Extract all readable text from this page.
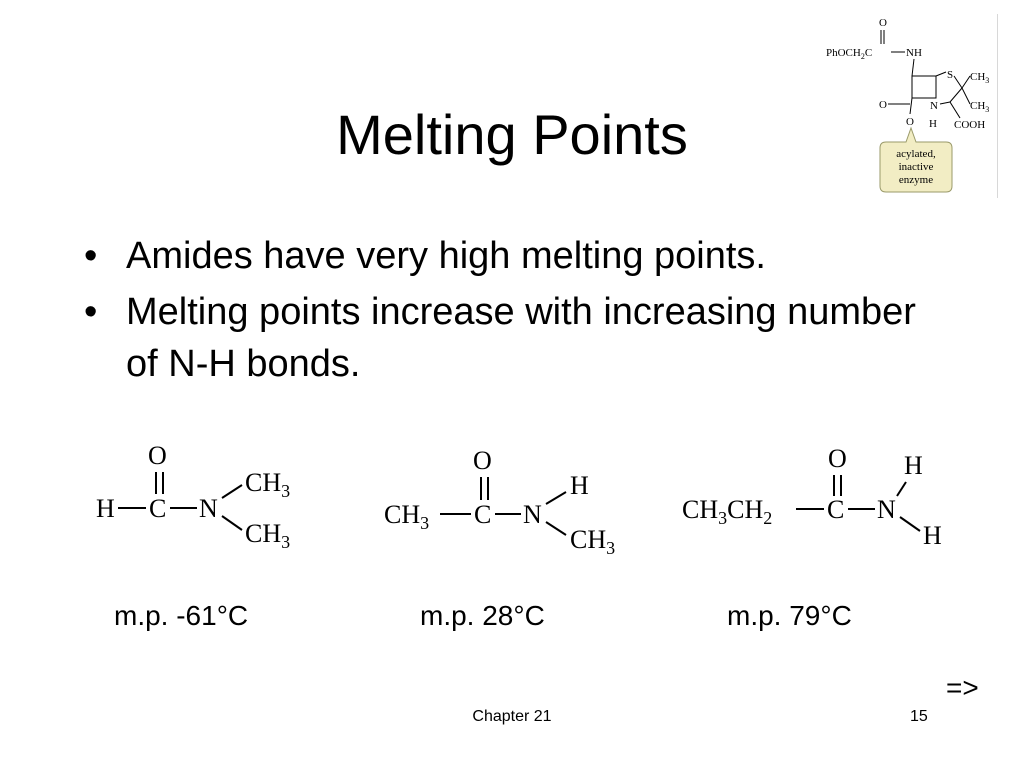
Melting Points
• Amides have very high melting points.
• Melting points increase with increasing number of N-H bonds.
O
H C N
$CH_3$
$CH_3$
O
$CH_3$ C N
H
$CH_3$
O
$CH_3CH_2$ C N
H
H
m.p. -61°C	m.p. 28°C	m.p. 79°C
O
PhOCH$_2$C	NH
S $CH_3$
O	N	$CH_3$
O H COOH
acylated,
inactive
enzyme
=>
Chapter 21	15
